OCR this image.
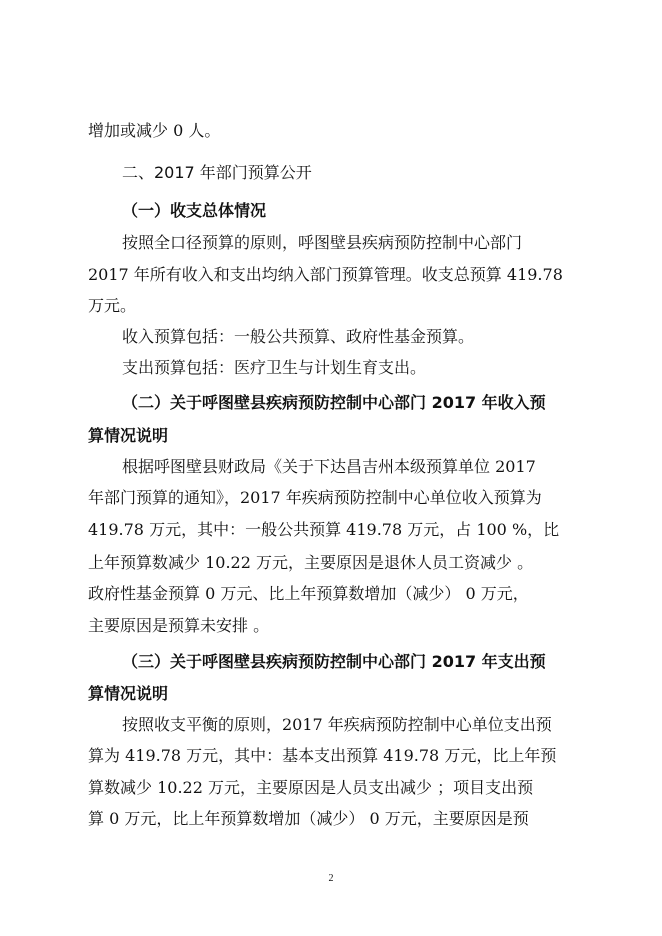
增加或减少 0 人。
二、2017 年部门预算公开
（一）收支总体情况
按照全口径预算的原则，呼图壁县疾病预防控制中心部门
2017 年所有收入和支出均纳入部门预算管理。收支总预算 419.78
万元。
收入预算包括：一般公共预算、政府性基金预算。
支出预算包括：医疗卫生与计划生育支出。
（二）关于呼图壁县疾病预防控制中心部门 2017 年收入预
算情况说明
根据呼图壁县财政局《关于下达昌吉州本级预算单位 2017
年部门预算的通知》，2017 年疾病预防控制中心单位收入预算为
419.78 万元，其中：一般公共预算 419.78 万元，占 100 %，比
上年预算数减少 10.22 万元，主要原因是退休人员工资减少 。
政府性基金预算 0 万元、比上年预算数增加（减少） 0 万元，
主要原因是预算未安排 。
（三）关于呼图壁县疾病预防控制中心部门 2017 年支出预
算情况说明
按照收支平衡的原则，2017 年疾病预防控制中心单位支出预
算为 419.78 万元，其中：基本支出预算 419.78 万元，比上年预
算数减少 10.22 万元，主要原因是人员支出减少 ；项目支出预
算 0 万元，比上年预算数增加（减少） 0 万元，主要原因是预
2
